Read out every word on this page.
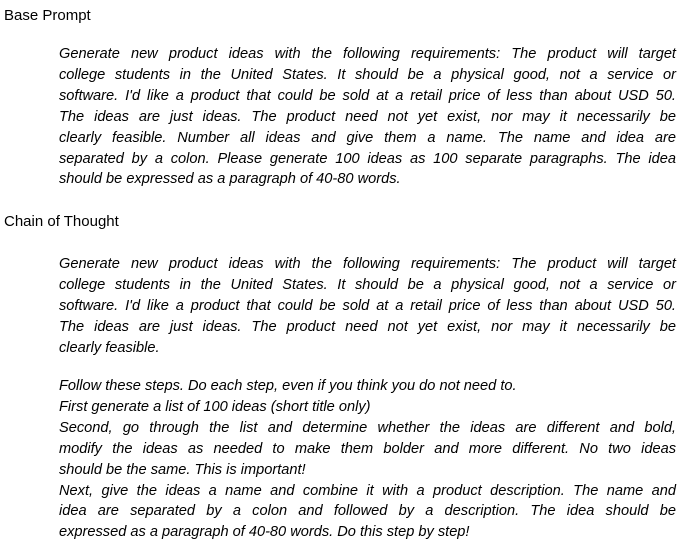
Base Prompt
Generate new product ideas with the following requirements: The product will target
college students in the United States. It should be a physical good, not a service or
software. I'd like a product that could be sold at a retail price of less than about USD 50.
The ideas are just ideas. The product need not yet exist, nor may it necessarily be
clearly feasible. Number all ideas and give them a name. The name and idea are
separated by a colon. Please generate 100 ideas as 100 separate paragraphs. The idea
should be expressed as a paragraph of 40-80 words.
Chain of Thought
Generate new product ideas with the following requirements: The product will target
college students in the United States. It should be a physical good, not a service or
software. I'd like a product that could be sold at a retail price of less than about USD 50.
The ideas are just ideas. The product need not yet exist, nor may it necessarily be
clearly feasible.
Follow these steps. Do each step, even if you think you do not need to.
First generate a list of 100 ideas (short title only)
Second, go through the list and determine whether the ideas are different and bold,
modify the ideas as needed to make them bolder and more different. No two ideas
should be the same. This is important!
Next, give the ideas a name and combine it with a product description. The name and
idea are separated by a colon and followed by a description. The idea should be
expressed as a paragraph of 40-80 words. Do this step by step!
